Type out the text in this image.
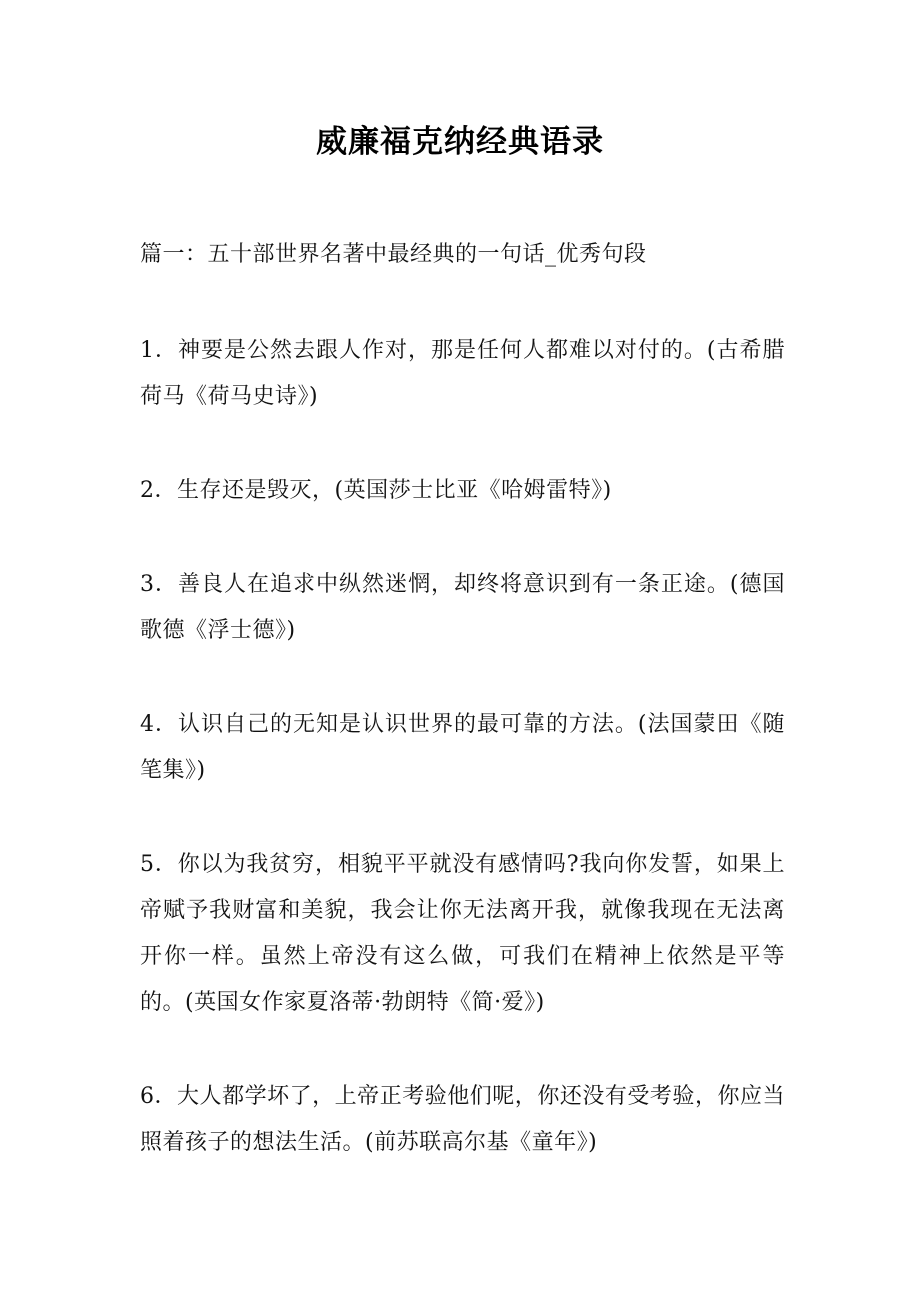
威廉福克纳经典语录

篇一：五十部世界名著中最经典的一句话_优秀句段

1．神要是公然去跟人作对，那是任何人都难以对付的。(古希腊荷马《荷马史诗》)

2．生存还是毁灭，(英国莎士比亚《哈姆雷特》)

3．善良人在追求中纵然迷惘，却终将意识到有一条正途。(德国歌德《浮士德》)

4．认识自己的无知是认识世界的最可靠的方法。(法国蒙田《随笔集》)

5．你以为我贫穷，相貌平平就没有感情吗?我向你发誓，如果上帝赋予我财富和美貌，我会让你无法离开我，就像我现在无法离开你一样。虽然上帝没有这么做，可我们在精神上依然是平等的。(英国女作家夏洛蒂·勃朗特《简·爱》)

6．大人都学坏了，上帝正考验他们呢，你还没有受考验，你应当照着孩子的想法生活。(前苏联高尔基《童年》)
